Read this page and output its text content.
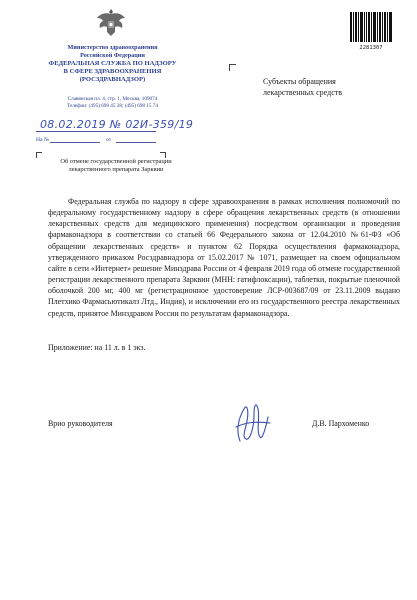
Министерство здравоохранения
Российской Федерации
ФЕДЕРАЛЬНАЯ СЛУЖБА ПО НАДЗОРУ
В СФЕРЕ ЗДРАВООХРАНЕНИЯ
(РОСЗДРАВНАДЗОР)
Славянская пл. 4, стр. 1, Москва, 109074
Телефон: (495) 698 45 38; (495) 698 15 74
08.02.2019 № 02И-359/19
На №	от
Об отмене государственной регистрации лекарственного препарата Зарквин
2281307
Субъекты обращения лекарственных средств
Федеральная служба по надзору в сфере здравоохранения в рамках исполнения полномочий по федеральному государственному надзору в сфере обращения лекарственных средств (в отношении лекарственных средств для медицинского применения) посредством организации и проведения фармаконадзора в соответствии со статьей 66 Федерального закона от 12.04.2010 №61-ФЗ «Об обращении лекарственных средств» и пунктом 62 Порядка осуществления фармаконадзора, утвержденного приказом Росздравнадзора от 15.02.2017 № 1071, размещает на своем официальном сайте в сети «Интернет» решение Минздрава России от 4 февраля 2019 года об отмене государственной регистрации лекарственного препарата Зарквин (МНН: гатифлоксацин), таблетки, покрытые пленочной оболочкой 200 мг, 400 мг (регистрационное удостоверение ЛСР-003687/09 от 23.11.2009 выдано Плетхико Фармасьютикалз Лтд., Индия), и исключении его из государственного реестра лекарственных средств, принятое Минздравом России по результатам фармаконадзора.
Приложение: на 11 л. в 1 экз.
Врио руководителя	Д.В. Пархоменко
